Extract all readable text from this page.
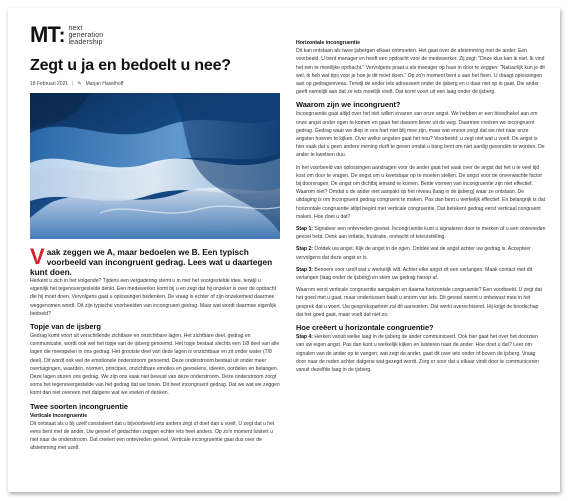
MT: next
generation
leadership
Zegt u ja en bedoelt u nee?
18 Februari 2021 | ✎ Marjan Haselhoff
Vaak zeggen we A, maar bedoelen we B. Een typisch voorbeeld van incongruent gedrag. Lees wat u daartegen kunt doen.

Herkent u zich in het volgende? Tijdens een vergadering stemt u in met het voorgestelde idee, terwijl u eigenlijk het tegenovergestelde denkt. Een medewerker komt bij u en zegt dat hij onzeker is over de opdracht die hij moet doen. Vervolgens gaat u oplossingen bedenken. De vraag is echter of zijn onzekerheid daarmee weggenomen wordt. Dit zijn typische voorbeelden van incongruent gedrag. Maar wat wordt daarmee eigenlijk bedoeld?

Topje van de ijsberg

Gedrag komt voort uit verschillende zichtbare en onzichtbare lagen. Het zichtbare deel, gedrag en communicatie, wordt ook wel het topje van de ijsberg genoemd. Het topje bestaat slechts een 1/8 deel van alle lagen die meespelen in ons gedrag. Het grootste deel van deze lagen is onzichtbaar en zit onder water (7/8 deel). Dit wordt ook wel de emotionele onderstroom genoemd. Deze onderstroom bestaat uit onder meer overtuigingen, waarden, normen, principes, onzichtbare emoties en gevoelens, ideeën, oordelen en belangen. Deze lagen sturen ons gedrag. We zijn ons vaak niet bewust van deze onderstroom. Deze onderstroom zorgt soms het tegenovergestelde van het gedrag dat we tonen. Dit heet incongruent gedrag. Dat we wat we zeggen komt dan niet overeen met datgene wat we voelen of denken.

Twee soorten incongruentie
Verticale incongruentie

Dit ontstaat als u bij uzelf constateert dat u bijvoorbeeld iets anders zegt of doet dan u voelt. U zegt dat u het eens bent met de ander. Uw gevoel of gedachten zeggen echter iets heel anders. Op zo'n moment luistert u niet naar de onderstroom. Dat creëert een ontevreden gevoel. Verticale incongruentie gaat dus over de afstemming met uzelf.

Horizontale incongruentie

Dit kan ontstaan als twee ijsbergen elkaar ontmoeten. Het gaat over de afstemming met de ander. Een voorbeeld. U bent manager en heeft een opdracht voor de medewerker. Zij zegt: "Deze klus kan ik niet. Ik vind het een te moeilijke opdracht." Vervolgens praat u als manager op haar in door te zeggen: "Natuurlijk kun je dit wel, ik heb wat tips voor je hoe je dit moet doen." Op zo'n moment bent u aan het fixen. U draagt oplossingen aan op gedragsniveau. Terwijl de ander iets adresseert onder de ijsberg en u daar niet op in gaat. Die ander geeft namelijk aan dat ze iets moeilijk vindt. Dat komt voort uit een laag onder de ijsberg.

Waarom zijn we incongruent?

Incongruentie gaat altijd over het niet willen ervaren van onze angst. We hebben er een bloedhekel aan om onze angst onder ogen te komen en gaan het daarom liever uit de weg. Daarmee creëren we incongruent gedrag. Gedrag waar we diep in ons hart niet blij mee zijn, maar wat ervoor zorgt dat we niet naar onze angsten hoeven te kijken. Over welke angsten gaat het nou? Voorbeeld: u zegt niet wat u voelt. De angst is hier vaak dat u geen andere mening durft te geven omdat u bang bent om niet aardig gevonden te worden. De ander te kwetsen duu.

In het voorbeeld van oplossingen aandragen voor de ander gaat het vaak over de angst dat het u te veel tijd kost om door te vragen. De angst om u kwetsbaar op te moeten stellen. De angst voor de onverwachte factor bij doorvragen. De angst om dichtbij iemand te komen. Beide vormen van incongruentie zijn niet effectief. Waarom niet? Omdat u de ander niet aanpakt op het niveau (laag in de ijsberg) waar ze ontstaan. De uitdaging is om incongruent gedrag congruent te maken. Pas dan bent u werkelijk effectief. En belangrijk is dat horizontale congruentie altijd begint met verticale congruentie. Dat betekent gedrag eerst verticaal congruent maken. Hoe doet u dat?

Stap 1: Signaleer een ontevreden gevoel. Incongruentie kunt u signaleren door te merken of u een ontevreden gevoel hebt. Denk aan irritatie, frustratie, onmacht of teleurstelling.

Stap 2: Ontdek uw angst. Kijk de angst in de ogen. Ontdek wat de angst achter uw gedrag is. Accepteer vervolgens dat deze angst er is.

Stap 3: Benoem voor uzelf wat u werkelijk wilt. Achter elke angst zit een verlangen. Maak contact met dit verlangen (laag onder de ijsberg) en stem uw gedrag hierop af.

Waarom eerst verticale congruentie aangaken en daarna horizontale congruentie? Een voorbeeld. U zegt dat het goed met u gaat, maar ondertussen baalt u enorm van iets. Dit gevoel neemt u onbewust mee in het gesprek dat u voert. Uw gesprekspartner zal dit aanvoelen. Dat werkt averechtsend. Hij krijgt de boodschap dat het goed gaat, maar voelt dat niet zo.

Hoe creëert u horizontale congruentie?

Stap 4: Herken vanuit welke laag in de ijsberg de ander communiceert. Ook hier gaat het over het doorzien van uw eigen angst. Pas dan kunt u werkelijk kijken en luisteren naar de ander. Hoe doet u dat? Leer om signalen van de ander op te vangen; wat zegt de ander, gaat dit over iets onder of boven de ijsberg. Vraag door naar de reden achter datgene wat gezegd wordt. Zorg er voor dat u elkaar vindt door te communiceren vanuit dezelfde laag in de ijsberg.
